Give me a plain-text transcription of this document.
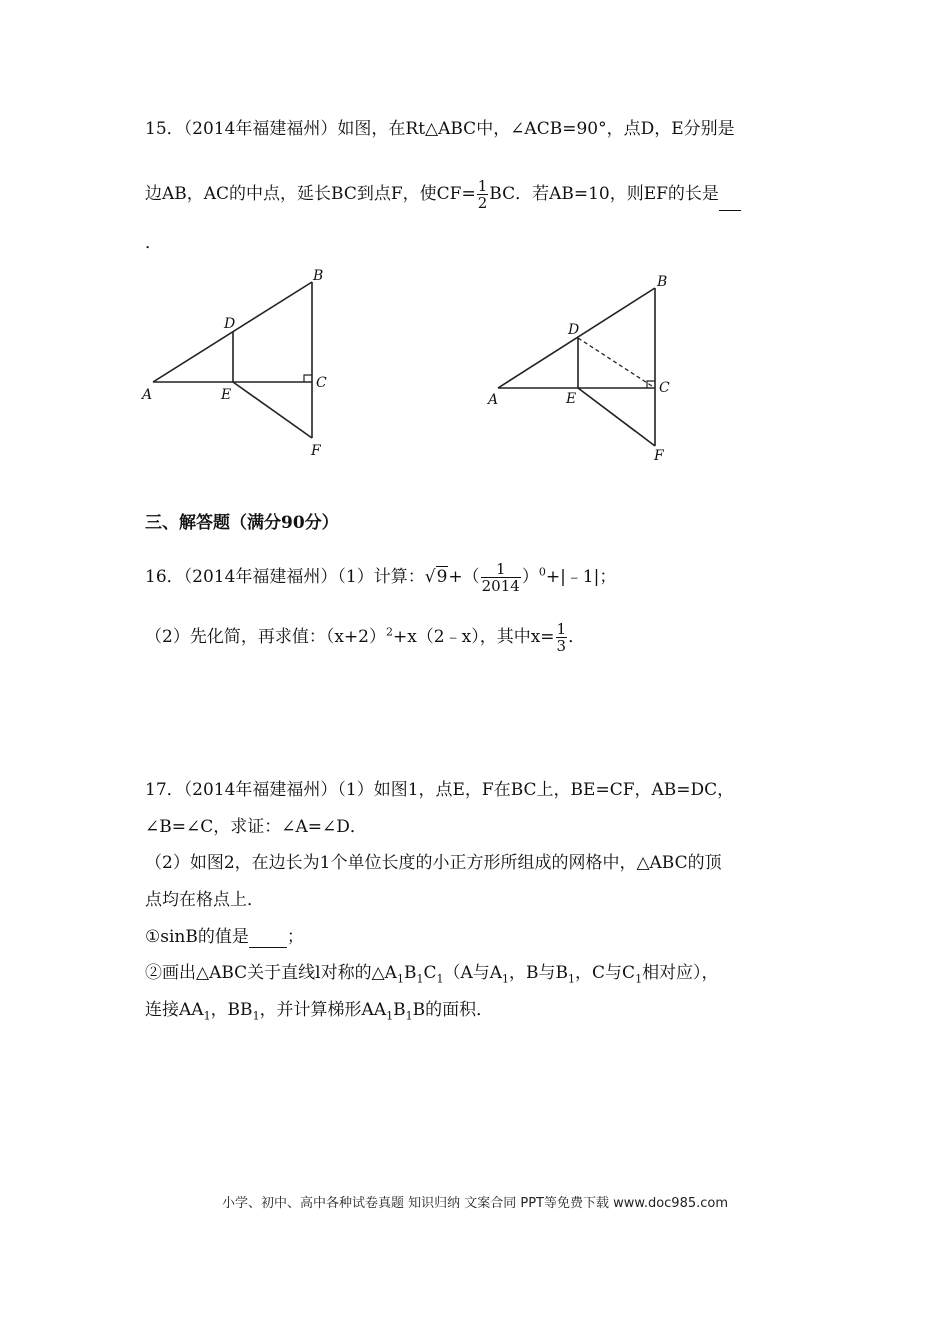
15．（2014年福建福州）如图，在Rt△ABC中，∠ACB=90°，点D，E分别是
边AB，AC的中点，延长BC到点F，使$CF= \frac{1}{2}$ BC．若AB=10，则EF的长是
．
A
B
C
D
E
F
A
B
C
D
E
F
三、解答题（满分90分）
16．（2014年福建福州）（1）计算：$√9+( \frac{1}{2014}$ ）$^0+|﹣1|$；
（2）先化简，再求值：$(x+2)^2+x(2﹣x)$，其中$x= \frac{1}{3}$ ．
17．（2014年福建福州）（1）如图1，点E，F在BC上，BE=CF，AB=DC，
∠B=∠C，求证：∠A=∠D．
（2）如图2，在边长为1个单位长度的小正方形所组成的网格中，△ABC的顶
点均在格点上．
①sinB的值是 ；
②画出△ABC关于直线l对称的$\triangle A_1B_1C_1(A$与$A_1$，B与$B_1$，C与$C_1$相对应），
连接$AA_1$，$BB_1$，并计算梯形$AA_1B_1B$的面积．
小学、初中、高中各种试卷真题 知识归纳 文案合同 PPT等免费下载 www.doc985.com
